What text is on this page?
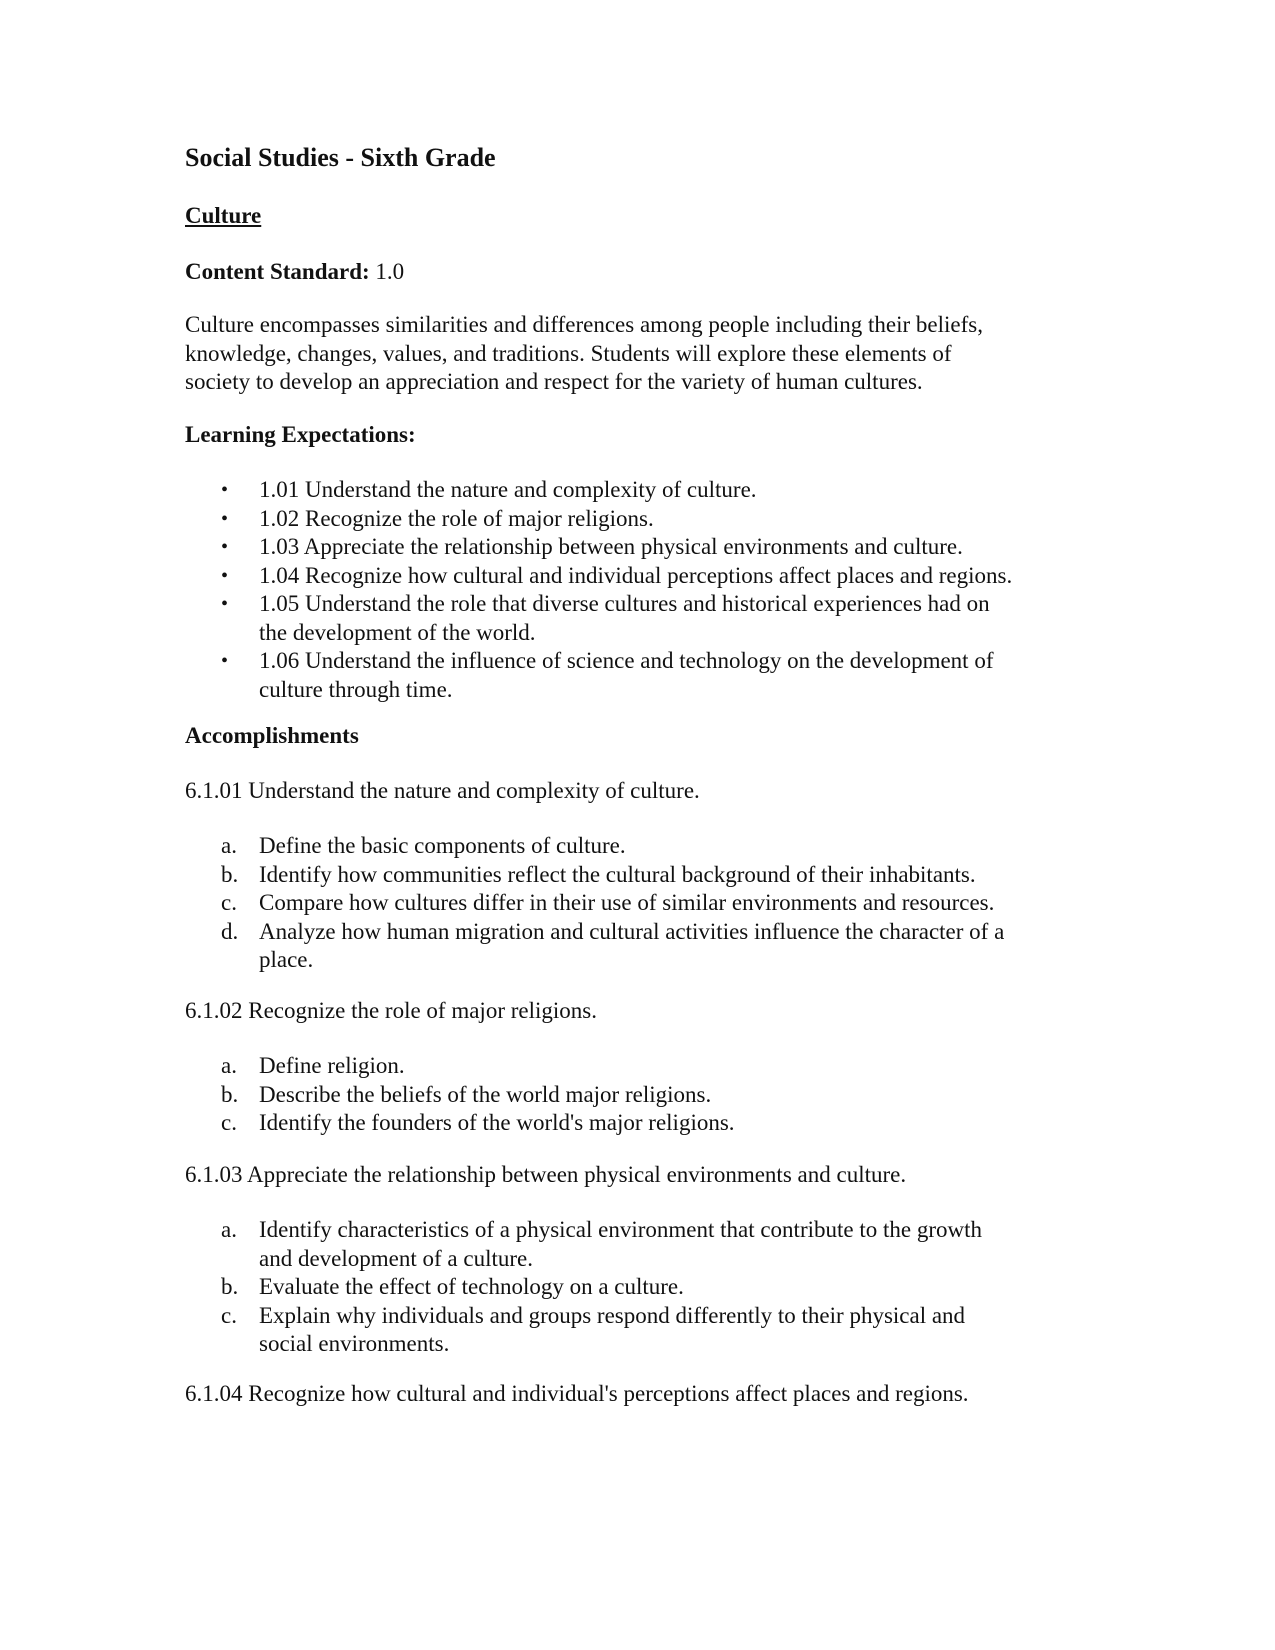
Social Studies - Sixth Grade
Culture
Content Standard: 1.0
Culture encompasses similarities and differences among people including their beliefs,
knowledge, changes, values, and traditions. Students will explore these elements of
society to develop an appreciation and respect for the variety of human cultures.
Learning Expectations:
•	1.01 Understand the nature and complexity of culture.
•	1.02 Recognize the role of major religions.
•	1.03 Appreciate the relationship between physical environments and culture.
•	1.04 Recognize how cultural and individual perceptions affect places and regions.
•	1.05 Understand the role that diverse cultures and historical experiences had on
the development of the world.
•	1.06 Understand the influence of science and technology on the development of
culture through time.
Accomplishments
6.1.01 Understand the nature and complexity of culture.
a. Define the basic components of culture.
b. Identify how communities reflect the cultural background of their inhabitants.
c. Compare how cultures differ in their use of similar environments and resources.
d. Analyze how human migration and cultural activities influence the character of a
place.
6.1.02 Recognize the role of major religions.
a. Define religion.
b. Describe the beliefs of the world major religions.
c. Identify the founders of the world's major religions.
6.1.03 Appreciate the relationship between physical environments and culture.
a. Identify characteristics of a physical environment that contribute to the growth
and development of a culture.
b. Evaluate the effect of technology on a culture.
c. Explain why individuals and groups respond differently to their physical and
social environments.
6.1.04 Recognize how cultural and individual's perceptions affect places and regions.
